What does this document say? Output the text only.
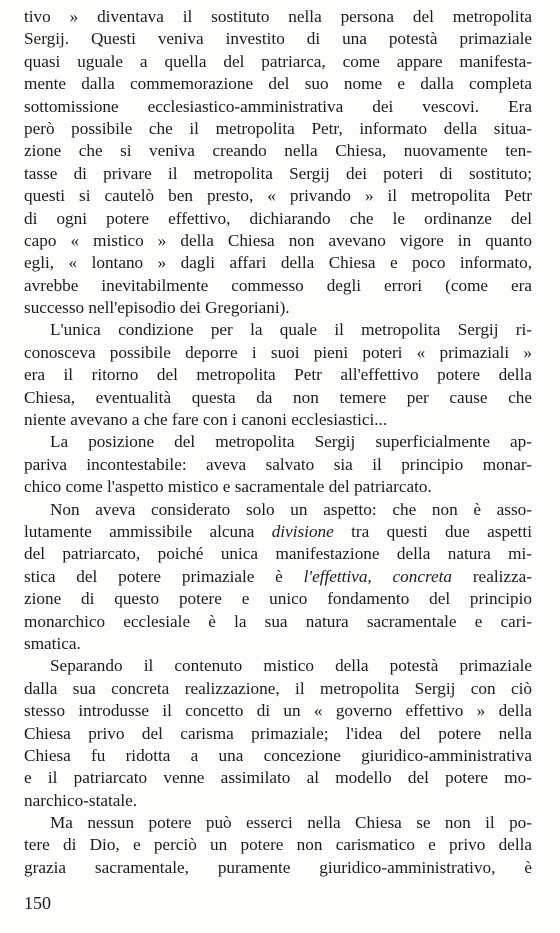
tivo » diventava il sostituto nella persona del metropolita
Sergij. Questi veniva investito di una potestà primaziale
quasi uguale a quella del patriarca, come appare manifesta-
mente dalla commemorazione del suo nome e dalla completa
sottomissione ecclesiastico-amministrativa dei vescovi. Era
però possibile che il metropolita Petr, informato della situa-
zione che si veniva creando nella Chiesa, nuovamente ten-
tasse di privare il metropolita Sergij dei poteri di sostituto;
questi si cautelò ben presto, « privando » il metropolita Petr
di ogni potere effettivo, dichiarando che le ordinanze del
capo « mistico » della Chiesa non avevano vigore in quanto
egli, « lontano » dagli affari della Chiesa e poco informato,
avrebbe inevitabilmente commesso degli errori (come era
successo nell'episodio dei Gregoriani).
L'unica condizione per la quale il metropolita Sergij ri-
conosceva possibile deporre i suoi pieni poteri « primaziali »
era il ritorno del metropolita Petr all'effettivo potere della
Chiesa, eventualità questa da non temere per cause che
niente avevano a che fare con i canoni ecclesiastici...
La posizione del metropolita Sergij superficialmente ap-
pariva incontestabile: aveva salvato sia il principio monar-
chico come l'aspetto mistico e sacramentale del patriarcato.
Non aveva considerato solo un aspetto: che non è asso-
lutamente ammissibile alcuna divisione tra questi due aspetti
del patriarcato, poiché unica manifestazione della natura mi-
stica del potere primaziale è l'effettiva, concreta realizza-
zione di questo potere e unico fondamento del principio
monarchico ecclesiale è la sua natura sacramentale e cari-
smatica.
Separando il contenuto mistico della potestà primaziale
dalla sua concreta realizzazione, il metropolita Sergij con ciò
stesso introdusse il concetto di un « governo effettivo » della
Chiesa privo del carisma primaziale; l'idea del potere nella
Chiesa fu ridotta a una concezione giuridico-amministrativa
e il patriarcato venne assimilato al modello del potere mo-
narchico-statale.
Ma nessun potere può esserci nella Chiesa se non il po-
tere di Dio, e perciò un potere non carismatico e privo della
grazia sacramentale, puramente giuridico-amministrativo, è
150
